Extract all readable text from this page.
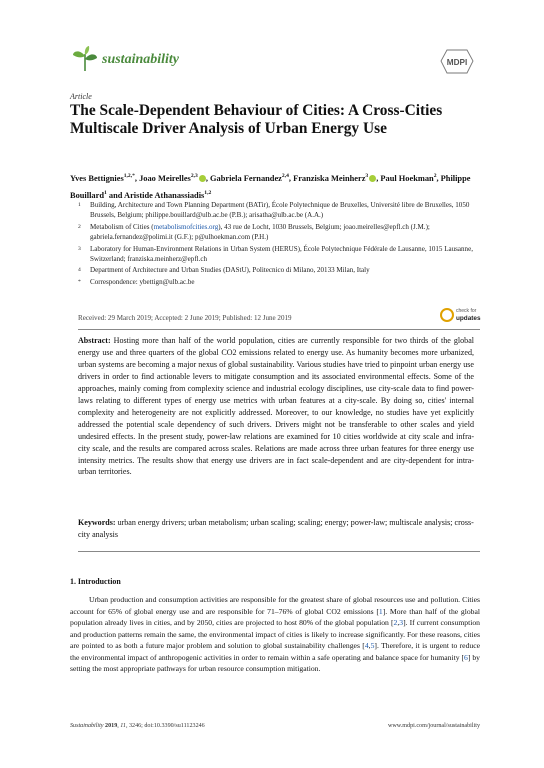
sustainability	MDPI
Article
The Scale-Dependent Behaviour of Cities: A Cross-Cities Multiscale Driver Analysis of Urban Energy Use
Yves Bettignies$^{1,2,*}$, Joao Meirelles$^{2,3}$ , Gabriela Fernandez$^{2,4}$, Franziska Meinherz$^3$ , Paul Hoekman$^2$, Philippe Bouillard$^1$ and Aristide Athanassiadis$^{1,2}$
1 Building, Architecture and Town Planning Department (BATir), École Polytechnique de Bruxelles, Université libre de Bruxelles, 1050 Brussels, Belgium; philippe.bouillard@ulb.ac.be (P.B.); arisatha@ulb.ac.be (A.A.)
2 Metabolism of Cities (metabolismofcities.org), 43 rue de Locht, 1030 Brussels, Belgium; joao.meirelles@epfl.ch (J.M.); gabriela.fernandez@polimi.it (G.F.); p@ulhoekman.com (P.H.)
3 Laboratory for Human-Environment Relations in Urban System (HERUS), École Polytechnique Fédérale de Lausanne, 1015 Lausanne, Switzerland; franziska.meinherz@epfl.ch
4 Department of Architecture and Urban Studies (DAStU), Politecnico di Milano, 20133 Milan, Italy
* Correspondence: ybettign@ulb.ac.be
Received: 29 March 2019; Accepted: 2 June 2019; Published: 12 June 2019
check for
updates
Abstract: Hosting more than half of the world population, cities are currently responsible for two thirds of the global energy use and three quarters of the global CO2 emissions related to energy use. As humanity becomes more urbanized, urban systems are becoming a major nexus of global sustainability. Various studies have tried to pinpoint urban energy use drivers in order to find actionable levers to mitigate consumption and its associated environmental effects. Some of the approaches, mainly coming from complexity science and industrial ecology disciplines, use city-scale data to find power-laws relating to different types of energy use metrics with urban features at a city-scale. By doing so, cities' internal complexity and heterogeneity are not explicitly addressed. Moreover, to our knowledge, no studies have yet explicitly addressed the potential scale dependency of such drivers. Drivers might not be transferable to other scales and yield undesired effects. In the present study, power-law relations are examined for 10 cities worldwide at city scale and infra-city scale, and the results are compared across scales. Relations are made across three urban features for three energy use intensity metrics. The results show that energy use drivers are in fact scale-dependent and are city-dependent for intra-urban territories.
Keywords: urban energy drivers; urban metabolism; urban scaling; scaling; energy; power-law; multiscale analysis; cross-city analysis
1. Introduction
Urban production and consumption activities are responsible for the greatest share of global resources use and pollution. Cities account for 65% of global energy use and are responsible for 71–76% of global CO2 emissions [1]. More than half of the global population already lives in cities, and by 2050, cities are projected to host 80% of the global population [2,3]. If current consumption and production patterns remain the same, the environmental impact of cities is likely to increase significantly. For these reasons, cities are pointed to as both a future major problem and solution to global sustainability challenges [4,5]. Therefore, it is urgent to reduce the environmental impact of anthropogenic activities in order to remain within a safe operating and balance space for humanity [6] by setting the most appropriate pathways for urban resource consumption mitigation.
Sustainability 2019, 11, 3246; doi:10.3390/su11123246	www.mdpi.com/journal/sustainability
